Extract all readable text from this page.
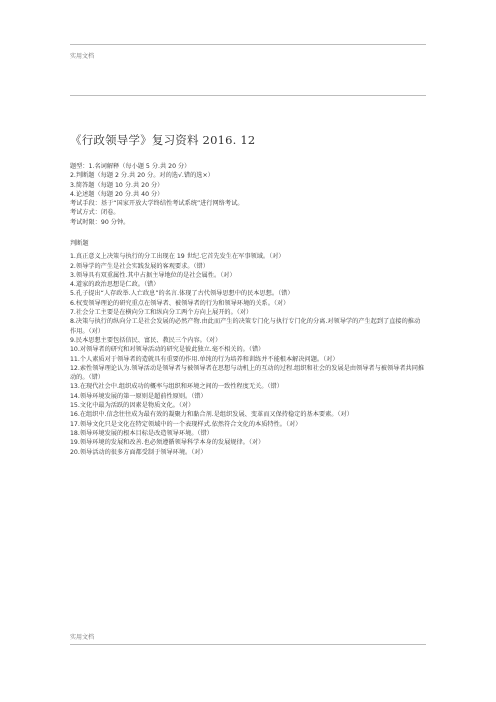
实用文档
《行政领导学》复习资料 2016. 12

题型：1.名词解释（每小题 5 分.共 20 分）

2.判断题（每题 2 分.共 20 分。对的选√.错的选×）

3.简答题（每题 10 分.共 20 分）

4.论述题（每题 20 分.共 40 分）

考试手段：基于“国家开放大学终结性考试系统”进行网络考试。

考试方式：闭卷。

考试时限：90 分钟。

判断题

1.真正意义上决策与执行的分工出现在 19 世纪.它首先发生在军事领域。（对）

2.领导学的产生是社会实践发展的客观要求。（错）

3.领导具有双重属性.其中占据主导地位的是社会属性。（对）

4.道家的政治思想是仁政。（错）

5.孔子提出“人存政举.人亡政息”的名言.体现了古代领导思想中的民本思想。（错）

6.权变领导理论的研究重点在领导者、被领导者的行为和领导环境的关系。（对）

7.社会分工主要是在横向分工和纵向分工两个方向上展开的。（对）

8.决策与执行的纵向分工是社会发展的必然产物.由此而产生的决策专门化与执行专门化的分离.对领导学的产生起到了直接的推动作用。（对）

9.民本思想主要包括信民、富民、教民三个内容。（对）

10.对领导者的研究和对领导活动的研究是彼此独立.毫不相关的。（错）

11.个人素质对于领导者的造就具有重要的作用.单纯的行为培养和训练并不能根本解决问题。（对）

12.索性领导理论认为.领导活动是领导者与被领导者在思想与动机上的互动的过程.组织和社会的发展是由领导者与被领导者共同推动的。（错）

13.在现代社会中.组织成功的概率与组织和环境之间的一致性程度无关。（错）

14.领导环境发展的第一原则是超前性原则。（错）

15.文化中最为活跃的因素是物质文化。（对）

16.在组织中.信念往往成为最有效的凝聚力和黏合剂.是组织发展、变革而又保持稳定的基本要素。（对）

17.领导文化只是文化在特定领域中的一个表现样式.依然符合文化的本质特性。（对）

18.领导环境发展的根本目标是改造领导环境。（错）

19.领导环境的发展和改善.也必须遵循领导科学本身的发展规律。（对）

20.领导活动的很多方面都受制于领导环境。（对）

实用文档
